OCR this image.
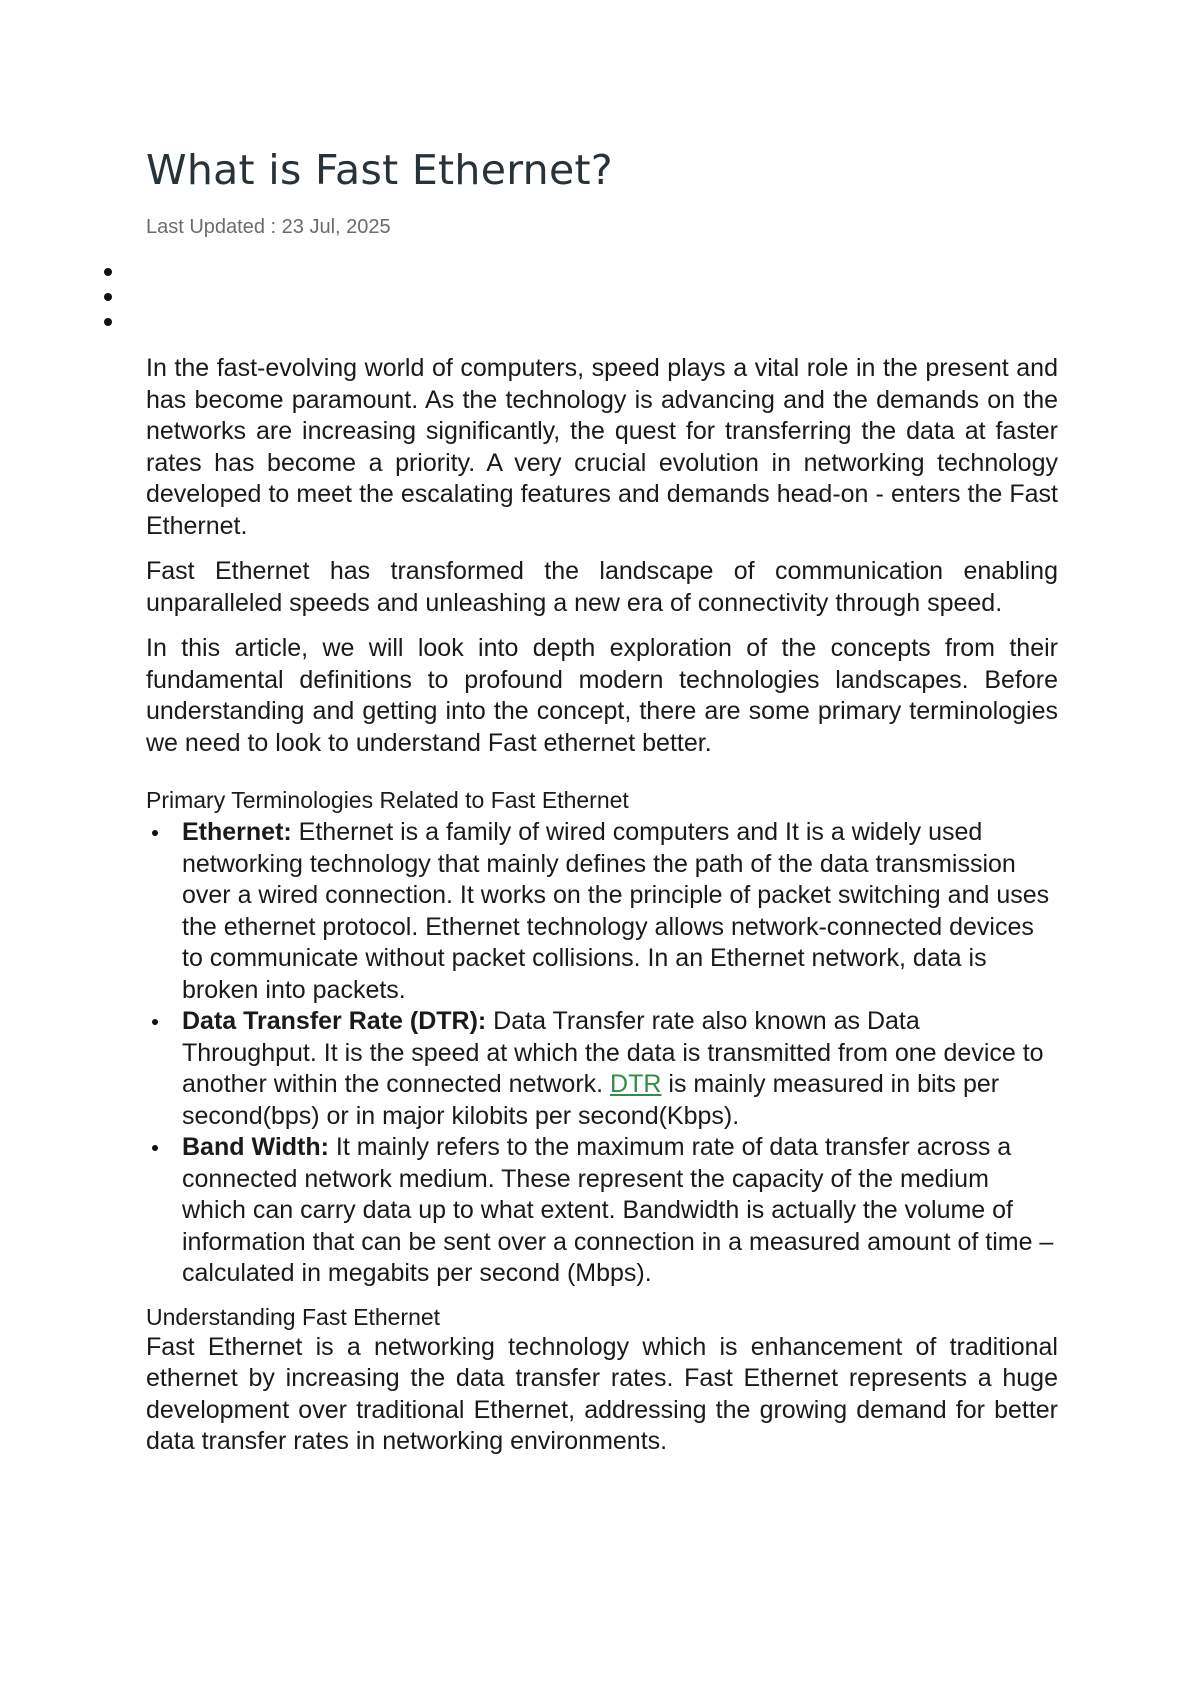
What is Fast Ethernet?
Last Updated : 23 Jul, 2025

In the fast-evolving world of computers, speed plays a vital role in the present and has become paramount. As the technology is advancing and the demands on the networks are increasing significantly, the quest for transferring the data at faster rates has become a priority. A very crucial evolution in networking technology developed to meet the escalating features and demands head-on - enters the Fast Ethernet.

Fast Ethernet has transformed the landscape of communication enabling unparalleled speeds and unleashing a new era of connectivity through speed.

In this article, we will look into depth exploration of the concepts from their fundamental definitions to profound modern technologies landscapes. Before understanding and getting into the concept, there are some primary terminologies we need to look to understand Fast ethernet better.

Primary Terminologies Related to Fast Ethernet
Ethernet: Ethernet is a family of wired computers and It is a widely used networking technology that mainly defines the path of the data transmission over a wired connection. It works on the principle of packet switching and uses the ethernet protocol. Ethernet technology allows network-connected devices to communicate without packet collisions. In an Ethernet network, data is broken into packets.
Data Transfer Rate (DTR): Data Transfer rate also known as Data Throughput. It is the speed at which the data is transmitted from one device to another within the connected network. DTR is mainly measured in bits per second(bps) or in major kilobits per second(Kbps).
Band Width: It mainly refers to the maximum rate of data transfer across a connected network medium. These represent the capacity of the medium which can carry data up to what extent. Bandwidth is actually the volume of information that can be sent over a connection in a measured amount of time – calculated in megabits per second (Mbps).
Understanding Fast Ethernet

Fast Ethernet is a networking technology which is enhancement of traditional ethernet by increasing the data transfer rates. Fast Ethernet represents a huge development over traditional Ethernet, addressing the growing demand for better data transfer rates in networking environments.
